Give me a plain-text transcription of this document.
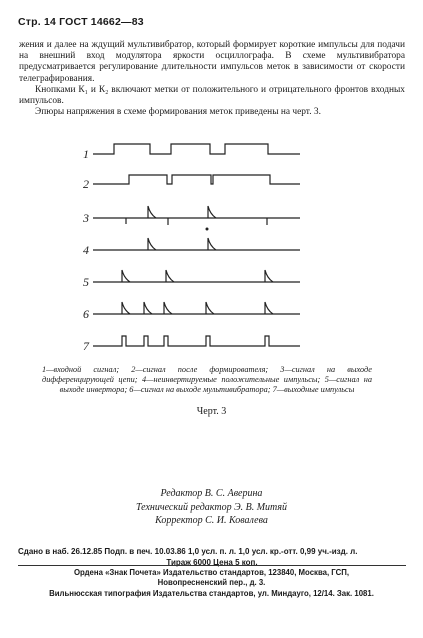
Стр. 14 ГОСТ 14662—83

жения и далее на ждущий мультивибратор, который формирует короткие импульсы для подачи на внешний вход модулятора яркости осциллографа. В схеме мультивибратора предусматривается регулирование длительности импульсов меток в зависимости от скорости телеграфирования.

Кнопками К₁ и К₂ включают метки от положительного и отрицательного фронтов входных импульсов.

Эпюры напряжения в схеме формирования меток приведены на черт. 3.

1
2
3
4
5
6
7
1—входной сигнал; 2—сигнал после формирователя; 3—сигнал на выходе дифференцирующей цепи; 4—неинвертируемые положительные импульсы; 5—сигнал на выходе инвертора; 6—сигнал на выходе мультивибратора; 7—выходные импульсы
Черт. 3
Редактор В. С. Аверина
Технический редактор Э. В. Митяй
Корректор С. И. Ковалева
Сдано в наб. 26.12.85 Подп. в печ. 10.03.86 1,0 усл. п. л. 1,0 усл. кр.-отт. 0,99 уч.-изд. л.
Тираж 6000 Цена 5 коп.
Ордена «Знак Почета» Издательство стандартов, 123840, Москва, ГСП,
Новопресненский пер., д. 3.
Вильнюсская типография Издательства стандартов, ул. Миндауго, 12/14. Зак. 1081.
